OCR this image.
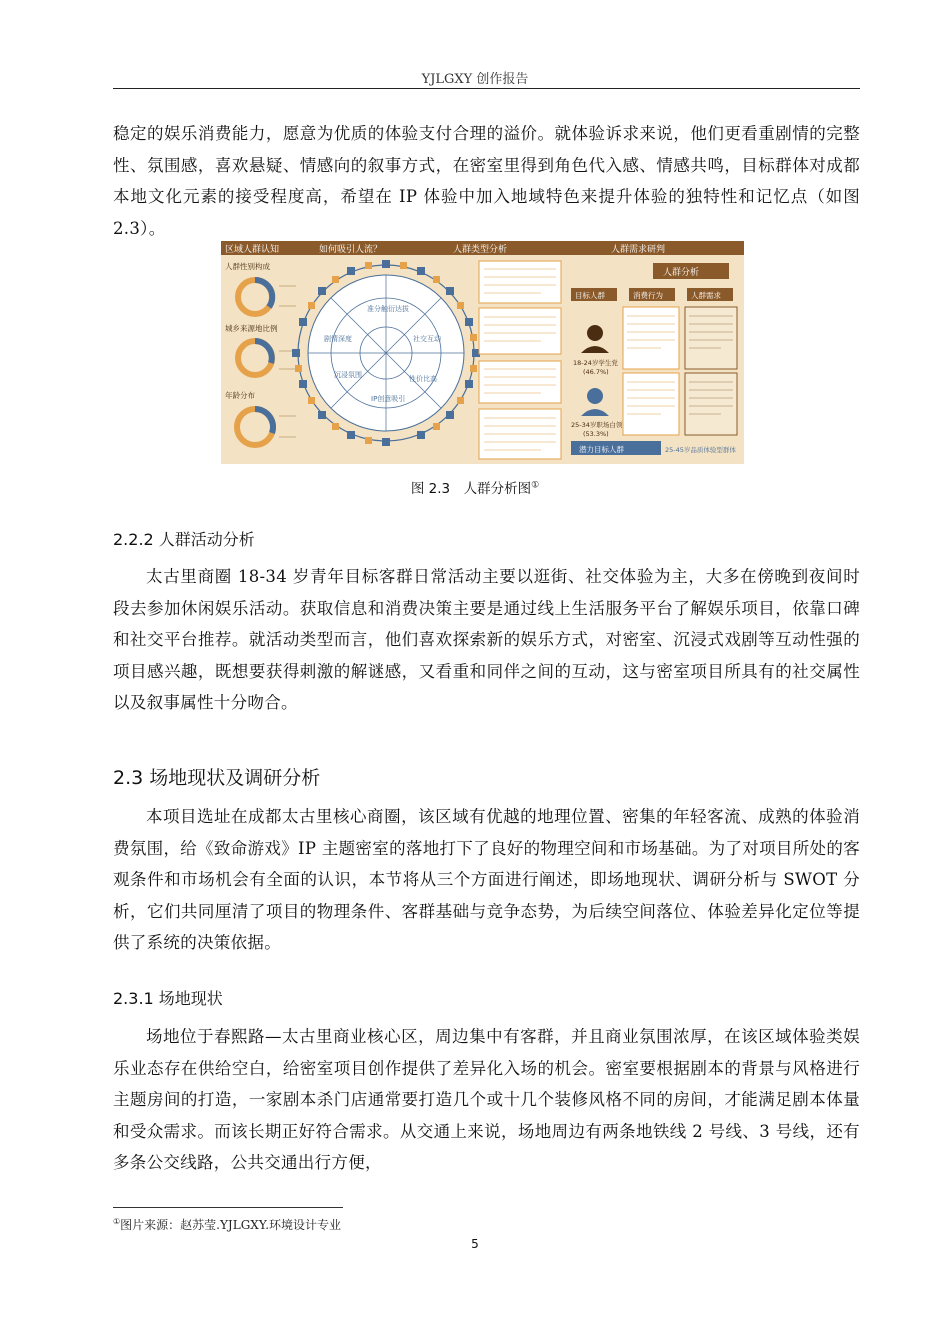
YJLGXY 创作报告

稳定的娱乐消费能力，愿意为优质的体验支付合理的溢价。就体验诉求来说，他们更看重剧情的完整性、氛围感，喜欢悬疑、情感向的叙事方式，在密室里得到角色代入感、情感共鸣，目标群体对成都本地文化元素的接受程度高，希望在 IP 体验中加入地域特色来提升体验的独特性和记忆点（如图 2.3）。

区域人群认知	如何吸引人流？	人群类型分析	人群需求研判
人群性别构成
城乡来源地比例
年龄分布
准分触衍达拔
剧情深度
沉浸氛围
社交互动
性价比高
IP创意吸引
人群分析
目标人群	消费行为	人群需求
18-24岁学生党
(46.7%)
25-34岁职场白领
(53.3%)
潜力目标人群	25-45岁品质体验型群体
图 2.3　人群分析图①
2.2.2 人群活动分析

太古里商圈 18-34 岁青年目标客群日常活动主要以逛街、社交体验为主，大多在傍晚到夜间时段去参加休闲娱乐活动。获取信息和消费决策主要是通过线上生活服务平台了解娱乐项目，依靠口碑和社交平台推荐。就活动类型而言，他们喜欢探索新的娱乐方式，对密室、沉浸式戏剧等互动性强的项目感兴趣，既想要获得刺激的解谜感，又看重和同伴之间的互动，这与密室项目所具有的社交属性以及叙事属性十分吻合。

2.3 场地现状及调研分析

本项目选址在成都太古里核心商圈，该区域有优越的地理位置、密集的年轻客流、成熟的体验消费氛围，给《致命游戏》IP 主题密室的落地打下了良好的物理空间和市场基础。为了对项目所处的客观条件和市场机会有全面的认识，本节将从三个方面进行阐述，即场地现状、调研分析与 SWOT 分析，它们共同厘清了项目的物理条件、客群基础与竞争态势，为后续空间落位、体验差异化定位等提供了系统的决策依据。

2.3.1 场地现状

场地位于春熙路—太古里商业核心区，周边集中有客群，并且商业氛围浓厚，在该区域体验类娱乐业态存在供给空白，给密室项目创作提供了差异化入场的机会。密室要根据剧本的背景与风格进行主题房间的打造，一家剧本杀门店通常要打造几个或十几个装修风格不同的房间，才能满足剧本体量和受众需求。而该长期正好符合需求。从交通上来说，场地周边有两条地铁线 2 号线、3 号线，还有多条公交线路，公共交通出行方便，

①图片来源：赵苏莹.YJLGXY.环境设计专业
5
